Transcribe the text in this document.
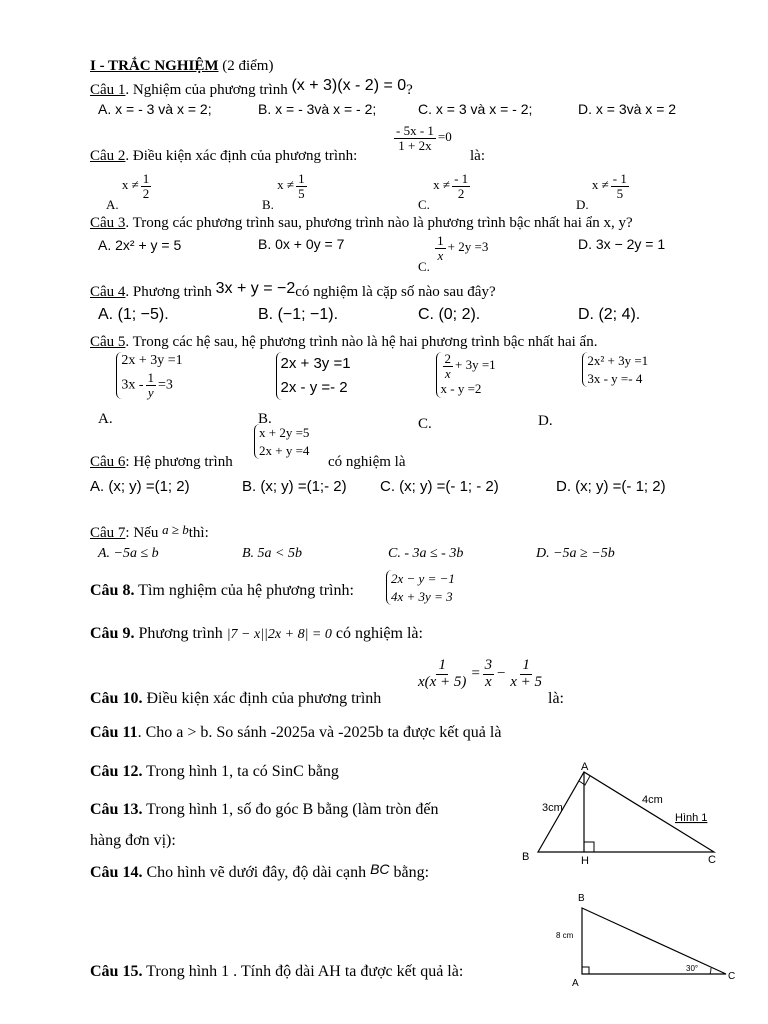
I - TRẮC NGHIỆM (2 điểm)
Câu 1. Nghiệm của phương trình (x + 3)(x - 2) = 0?
A. x = - 3 và x = 2;	B. x = - 3và x = - 2;	C. x = 3 và x = - 2;	D. x = 3và x = 2
Câu 2. Điều kiện xác định của phương trình:
$\frac{- 5x - 1}{1 + 2x} =0$
là:
A. $x \ne \frac{1}{2}$
B. $x \ne \frac{1}{5}$
C. $x \ne \frac{- 1}{2}$
D. $x \ne \frac{- 1}{5}$
Câu 3. Trong các phương trình sau, phương trình nào là phương trình bậc nhất hai ẩn x, y?
A. 2x² + y = 5	B. 0x + 0y = 7
C.
$\frac{1}{x} + 2y =3$	D. 3x − 2y = 1
Câu 4. Phương trình 3x + y = −2có nghiệm là cặp số nào sau đây?
A. (1; −5).	B. (−1; −1).	C. (0; 2).	D. (2; 4).
Câu 5. Trong các hệ sau, hệ phương trình nào là hệ hai phương trình bậc nhất hai ẩn.
A.
2x + 3y =1
$3x - \frac{1}{y} =3$
B.
2x + 3y =1
2x - y =- 2
C.
$\frac{2}{x} + 3y =1$
x - y =2
D.
2x² + 3y =1
3x - y =- 4
Câu 6: Hệ phương trình
x + 2y =5
2x + y =4
có nghiệm là
A. (x; y) =(1; 2)	B. (x; y) =(1;- 2) C. (x; y) =(- 1; - 2)	D. (x; y) =(- 1; 2)
Câu 7: Nếu a ≥ bthì:
A. −5a ≤ b	B. 5a < 5b	C. - 3a ≤ - 3b	D. −5a ≥ −5b
Câu 8. Tìm nghiệm của hệ phương trình:
2x − y = −1
4x + 3y = 3
Câu 9. Phương trình |7 − x||2x + 8| = 0 có nghiệm là:
Câu 10. Điều kiện xác định của phương trình
$\frac{1}{x(x + 5)} = \frac{3}{x} - \frac{1}{x + 5}$
là:
Câu 11. Cho a > b. So sánh -2025a và -2025b ta được kết quả là
Câu 12. Trong hình 1, ta có SinC bằng
Câu 13. Trong hình 1, số đo góc B bằng (làm tròn đến
hàng đơn vị):
Câu 14. Cho hình vẽ dưới đây, độ dài cạnh BC bằng:
Câu 15. Trong hình 1 . Tính độ dài AH ta được kết quả là:
A
B	C
H
3cm
4cm
Hình 1
B
A
C
8 cm
30°
